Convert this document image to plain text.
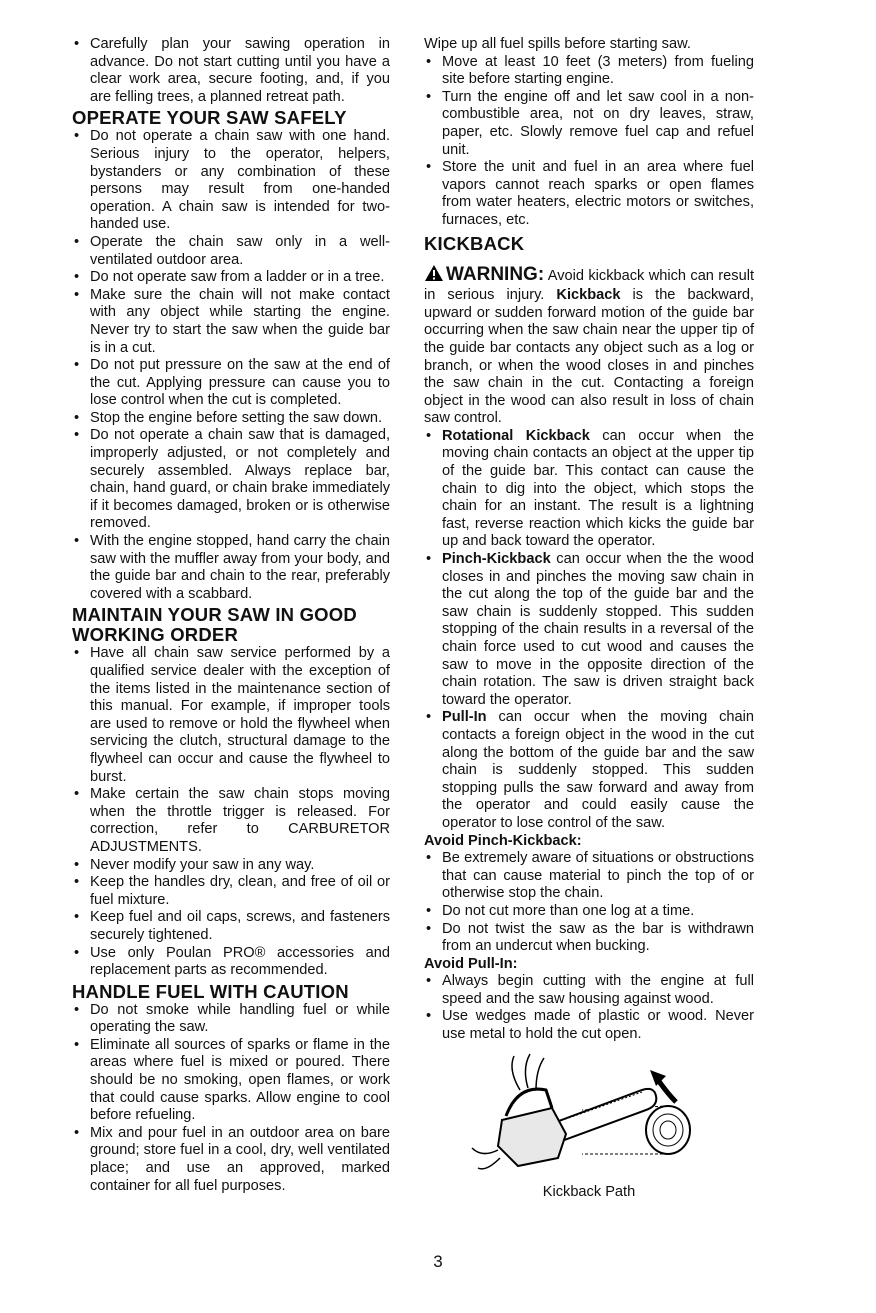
• Carefully plan your sawing operation in advance. Do not start cutting until you have a clear work area, secure footing, and, if you are felling trees, a planned retreat path.
OPERATE YOUR SAW SAFELY
• Do not operate a chain saw with one hand. Serious injury to the operator, helpers, bystanders or any combination of these persons may result from one-handed operation. A chain saw is intended for two-handed use.
• Operate the chain saw only in a well-ventilated outdoor area.
• Do not operate saw from a ladder or in a tree.
• Make sure the chain will not make contact with any object while starting the engine. Never try to start the saw when the guide bar is in a cut.
• Do not put pressure on the saw at the end of the cut. Applying pressure can cause you to lose control when the cut is completed.
• Stop the engine before setting the saw down.
• Do not operate a chain saw that is damaged, improperly adjusted, or not completely and securely assembled. Always replace bar, chain, hand guard, or chain brake immediately if it becomes damaged, broken or is otherwise removed.
• With the engine stopped, hand carry the chain saw with the muffler away from your body, and the guide bar and chain to the rear, preferably covered with a scabbard.
MAINTAIN YOUR SAW IN GOOD
WORKING ORDER
• Have all chain saw service performed by a qualified service dealer with the exception of the items listed in the maintenance section of this manual. For example, if improper tools are used to remove or hold the flywheel when servicing the clutch, structural damage to the flywheel can occur and cause the flywheel to burst.
• Make certain the saw chain stops moving when the throttle trigger is released. For correction, refer to CARBURETOR ADJUSTMENTS.
• Never modify your saw in any way.
• Keep the handles dry, clean, and free of oil or fuel mixture.
• Keep fuel and oil caps, screws, and fasteners securely tightened.
• Use only Poulan PRO® accessories and replacement parts as recommended.
HANDLE FUEL WITH CAUTION
• Do not smoke while handling fuel or while operating the saw.
• Eliminate all sources of sparks or flame in the areas where fuel is mixed or poured. There should be no smoking, open flames, or work that could cause sparks. Allow engine to cool before refueling.
• Mix and pour fuel in an outdoor area on bare ground; store fuel in a cool, dry, well ventilated place; and use an approved, marked container for all fuel purposes.

Wipe up all fuel spills before starting saw.

• Move at least 10 feet (3 meters) from fueling site before starting engine.
• Turn the engine off and let saw cool in a non-combustible area, not on dry leaves, straw, paper, etc. Slowly remove fuel cap and refuel unit.
• Store the unit and fuel in an area where fuel vapors cannot reach sparks or open flames from water heaters, electric motors or switches, furnaces, etc.
KICKBACK

WARNING: Avoid kickback which can result in serious injury. Kickback is the backward, upward or sudden forward motion of the guide bar occurring when the saw chain near the upper tip of the guide bar contacts any object such as a log or branch, or when the wood closes in and pinches the saw chain in the cut. Contacting a foreign object in the wood can also result in loss of chain saw control.

• Rotational Kickback can occur when the moving chain contacts an object at the upper tip of the guide bar. This contact can cause the chain to dig into the object, which stops the chain for an instant. The result is a lightning fast, reverse reaction which kicks the guide bar up and back toward the operator.
• Pinch-Kickback can occur when the the wood closes in and pinches the moving saw chain in the cut along the top of the guide bar and the saw chain is suddenly stopped. This sudden stopping of the chain results in a reversal of the chain force used to cut wood and causes the saw to move in the opposite direction of the chain rotation. The saw is driven straight back toward the operator.
• Pull-In can occur when the moving chain contacts a foreign object in the wood in the cut along the bottom of the guide bar and the saw chain is suddenly stopped. This sudden stopping pulls the saw forward and away from the operator and could easily cause the operator to lose control of the saw.
Avoid Pinch-Kickback:
• Be extremely aware of situations or obstructions that can cause material to pinch the top of or otherwise stop the chain.
• Do not cut more than one log at a time.
• Do not twist the saw as the bar is withdrawn from an undercut when bucking.
Avoid Pull-In:
• Always begin cutting with the engine at full speed and the saw housing against wood.
• Use wedges made of plastic or wood. Never use metal to hold the cut open.
Kickback Path
3
